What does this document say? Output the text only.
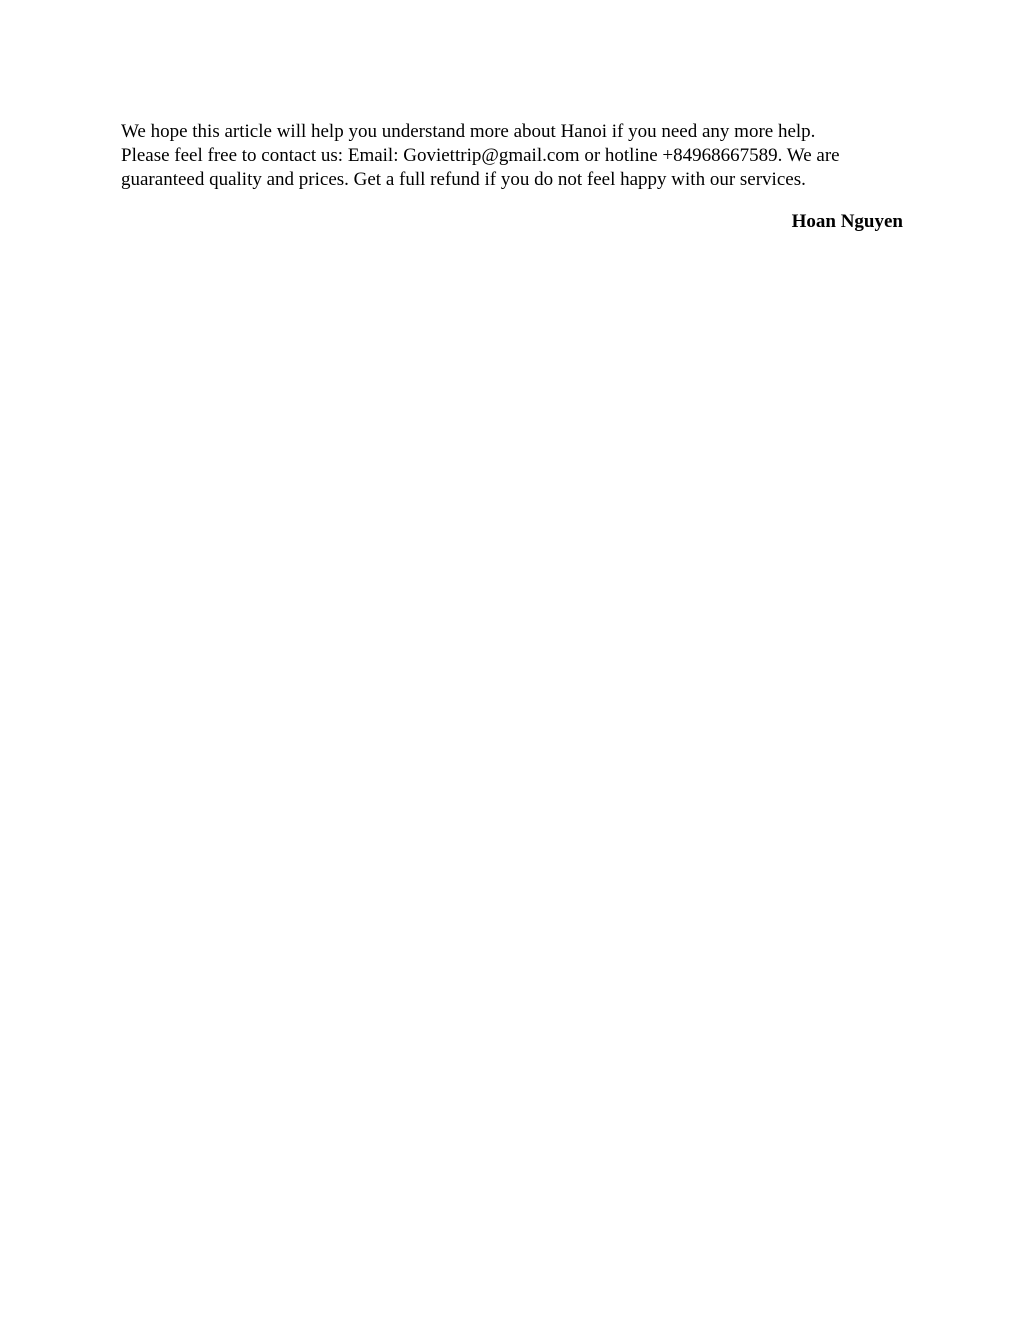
We hope this article will help you understand more about Hanoi if you need any more help.
Please feel free to contact us: Email: Goviettrip@gmail.com or hotline +84968667589. We are
guaranteed quality and prices. Get a full refund if you do not feel happy with our services.

Hoan Nguyen
